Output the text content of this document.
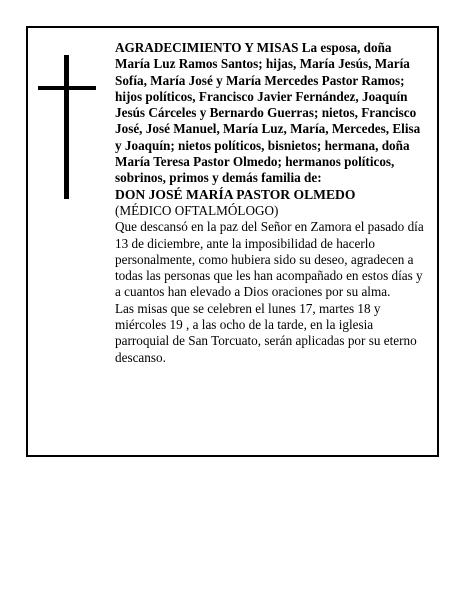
AGRADECIMIENTO Y MISAS La esposa, doña María Luz Ramos Santos; hijas, María Jesús, María Sofía, María José y María Mercedes Pastor Ramos; hijos políticos, Francisco Javier Fernández, Joaquín Jesús Cárceles y Bernardo Guerras; nietos, Francisco José, José Manuel, María Luz, María, Mercedes, Elisa y Joaquín; nietos políticos, bisnietos; hermana, doña María Teresa Pastor Olmedo; hermanos políticos, sobrinos, primos y demás familia de:

DON JOSÉ MARÍA PASTOR OLMEDO

(MÉDICO OFTALMÓLOGO)

Que descansó en la paz del Señor en Zamora el pasado día 13 de diciembre, ante la imposibilidad de hacerlo personalmente, como hubiera sido su deseo, agradecen a todas las personas que les han acompañado en estos días y a cuantos han elevado a Dios oraciones por su alma.

Las misas que se celebren el lunes 17, martes 18 y miércoles 19 , a las ocho de la tarde, en la iglesia parroquial de San Torcuato, serán aplicadas por su eterno descanso.
